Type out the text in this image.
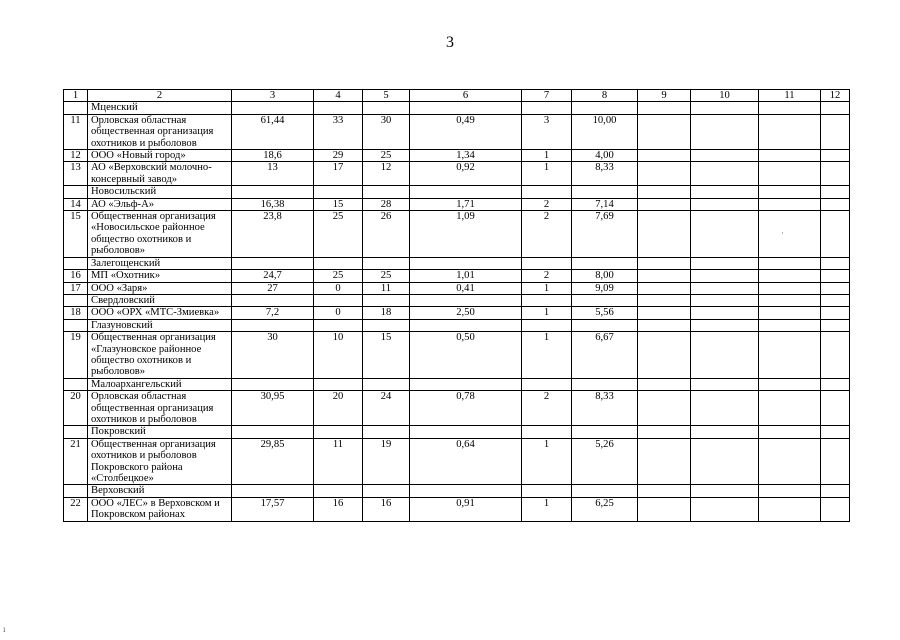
3
1	2	3	4	5	6	7	8	9	10	11	12
	Мценский										
11	Орловская областная общественная организация охотников и рыболовов	61,44	33	30	0,49	3	10,00				
12	ООО «Новый город»	18,6	29	25	1,34	1	4,00				
13	АО «Верховский молочно-консервный завод»	13	17	12	0,92	1	8,33				
	Новосильский										
14	АО «Эльф-А»	16,38	15	28	1,71	2	7,14				
15	Общественная организация «Новосильское районное общество охотников и рыболовов»	23,8	25	26	1,09	2	7,69				
	Залегощенский										
16	МП «Охотник»	24,7	25	25	1,01	2	8,00				
17	ООО «Заря»	27	0	11	0,41	1	9,09				
	Свердловский										
18	ООО «ОРХ «МТС-Змиевка»	7,2	0	18	2,50	1	5,56				
	Глазуновский										
19	Общественная организация «Глазуновское районное общество охотников и рыболовов»	30	10	15	0,50	1	6,67				
	Малоархангельский										
20	Орловская областная общественная организация охотников и рыболовов	30,95	20	24	0,78	2	8,33				
	Покровский										
21	Общественная организация охотников и рыболовов Покровского района «Столбецкое»	29,85	11	19	0,64	1	5,26				
	Верховский										
22	ООО «ЛЕС» в Верховском и Покровском районах	17,57	16	16	0,91	1	6,25				
·
ı
